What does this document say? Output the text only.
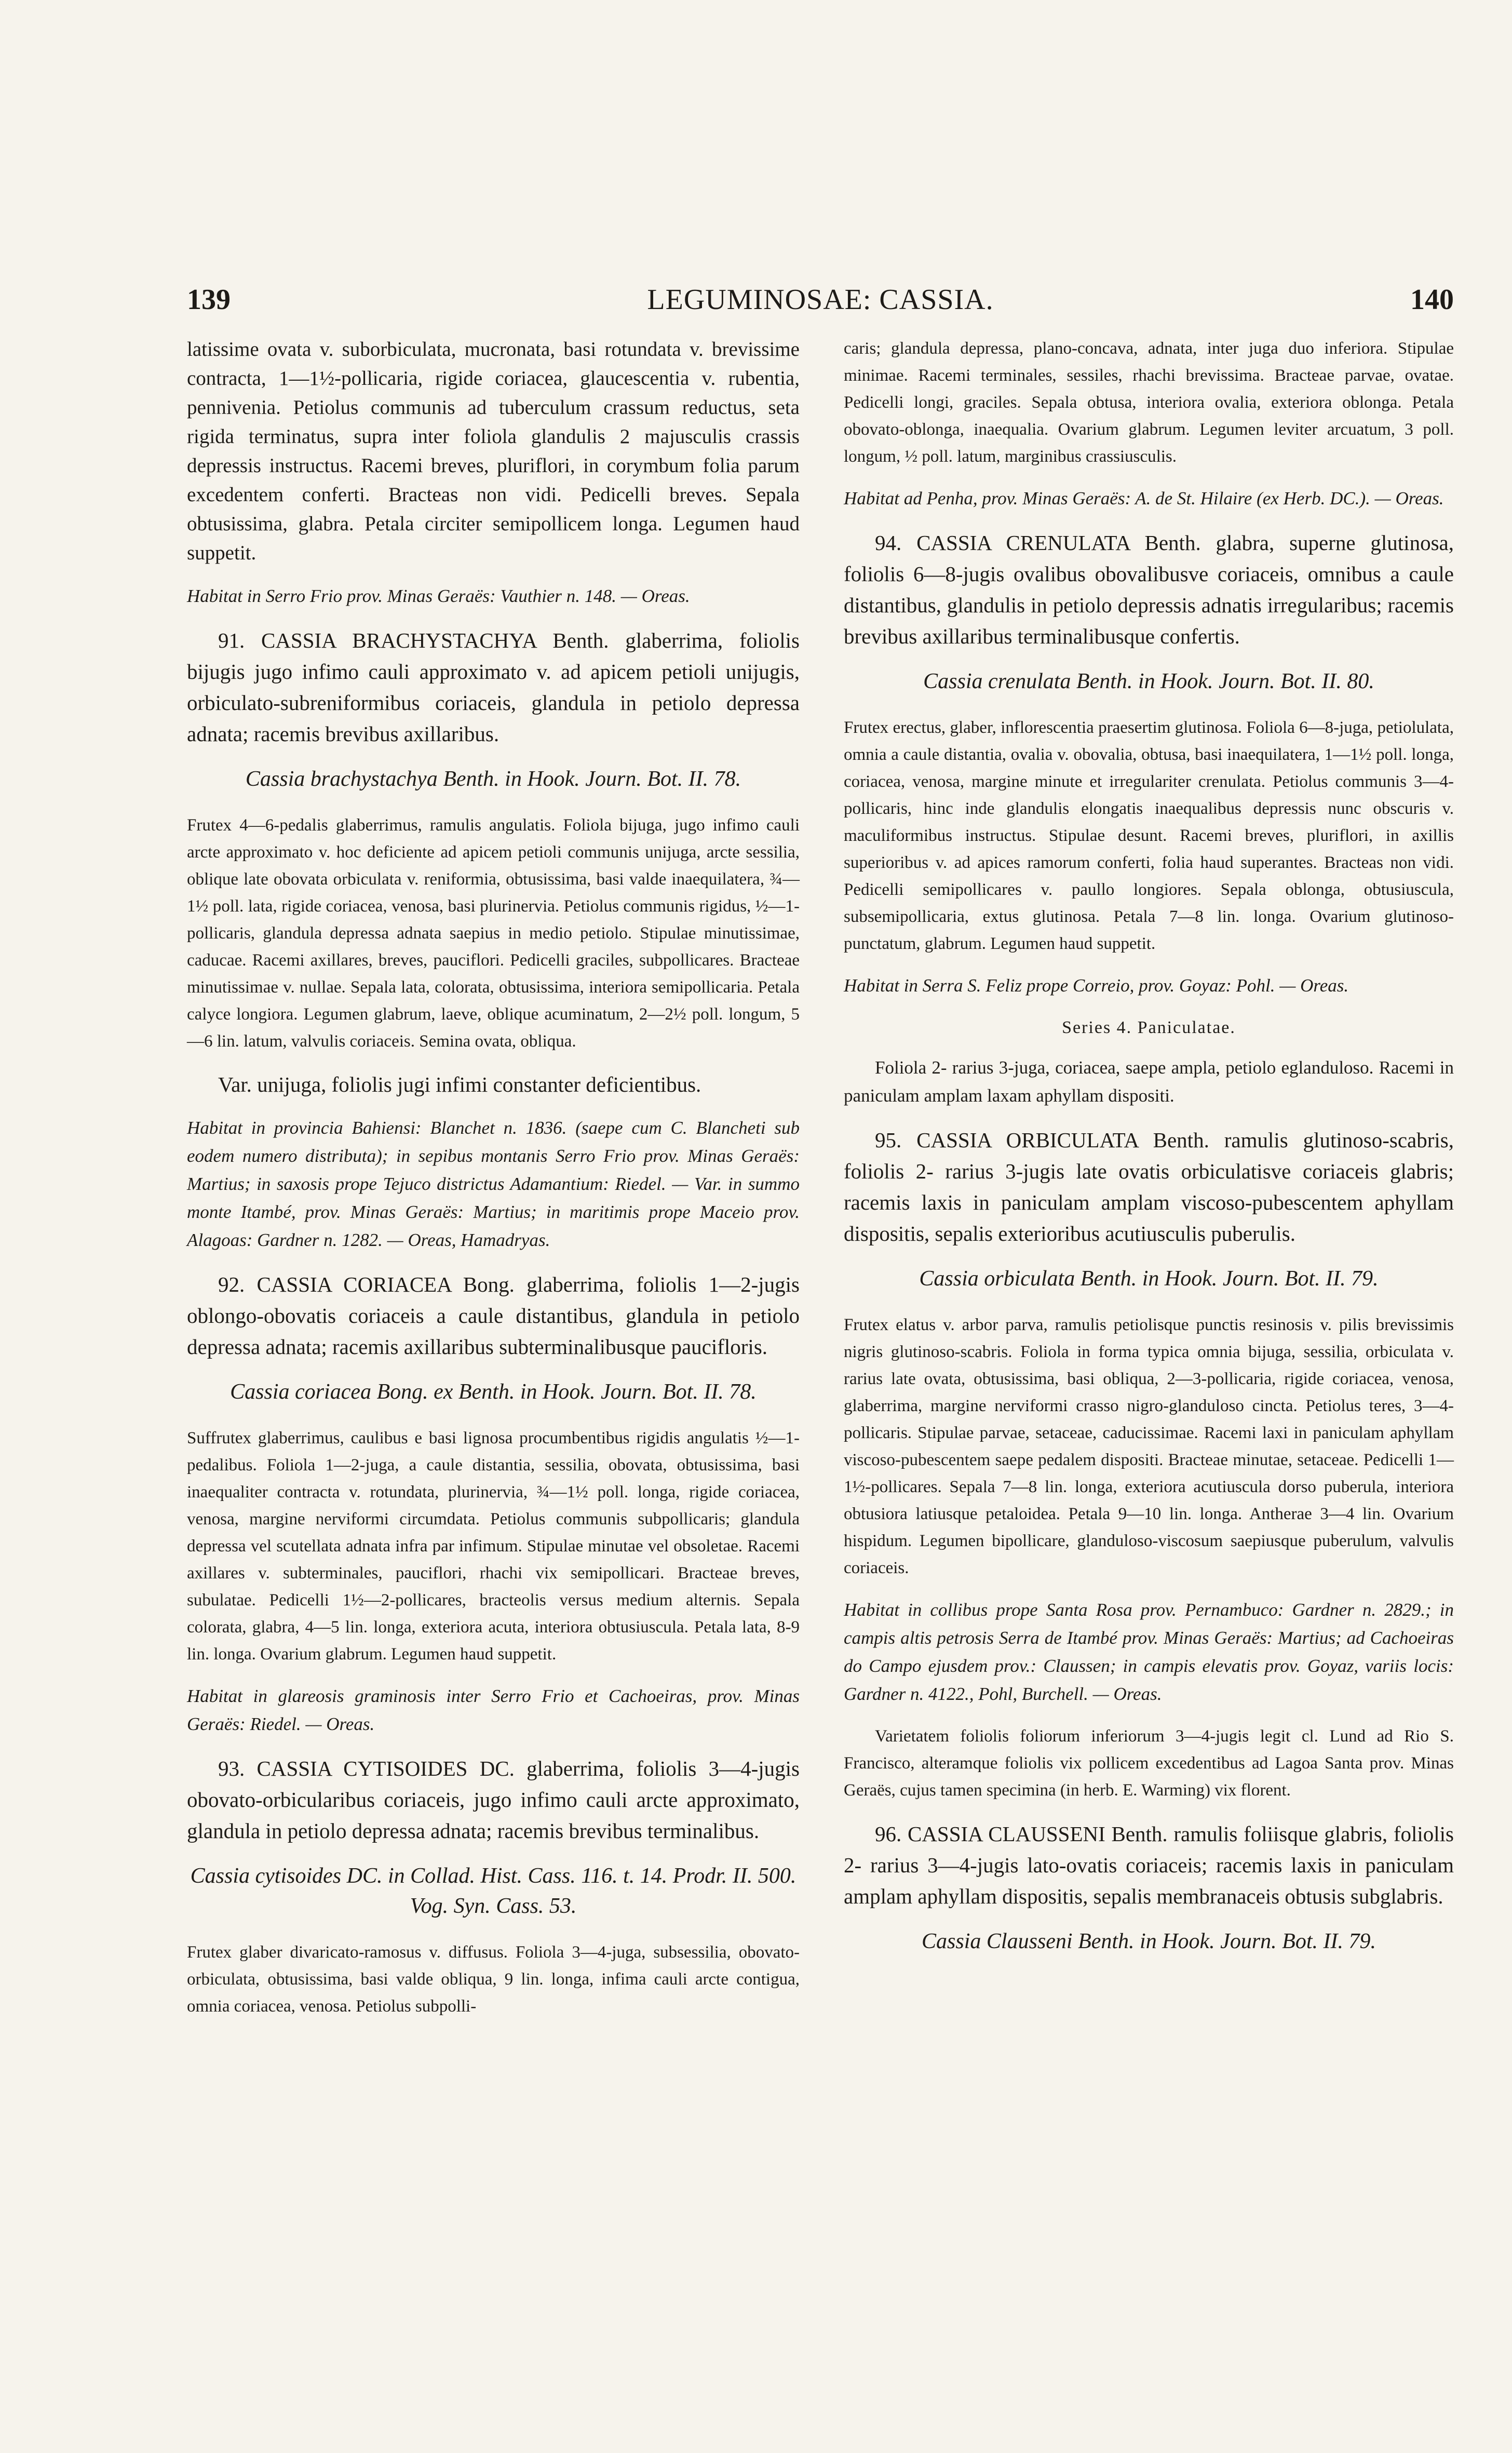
139	LEGUMINOSAE: CASSIA.	140

latissime ovata v. suborbiculata, mucronata, basi rotundata v. brevissime contracta, 1—1½-pollicaria, rigide coriacea, glaucescentia v. rubentia, pennivenia. Petiolus communis ad tuberculum crassum reductus, seta rigida terminatus, supra inter foliola glandulis 2 majusculis crassis depressis instructus. Racemi breves, pluriflori, in corymbum folia parum excedentem conferti. Bracteas non vidi. Pedicelli breves. Sepala obtusissima, glabra. Petala circiter semipollicem longa. Legumen haud suppetit.

Habitat in Serro Frio prov. Minas Geraës: Vauthier n. 148. — Oreas.

91. CASSIA BRACHYSTACHYA Benth. glaberrima, foliolis bijugis jugo infimo cauli approximato v. ad apicem petioli unijugis, orbiculato-subreniformibus coriaceis, glandula in petiolo depressa adnata; racemis brevibus axillaribus.

Cassia brachystachya Benth. in Hook. Journ. Bot. II. 78.

Frutex 4—6-pedalis glaberrimus, ramulis angulatis. Foliola bijuga, jugo infimo cauli arcte approximato v. hoc deficiente ad apicem petioli communis unijuga, arcte sessilia, oblique late obovata orbiculata v. reniformia, obtusissima, basi valde inaequilatera, ¾—1½ poll. lata, rigide coriacea, venosa, basi plurinervia. Petiolus communis rigidus, ½—1-pollicaris, glandula depressa adnata saepius in medio petiolo. Stipulae minutissimae, caducae. Racemi axillares, breves, pauciflori. Pedicelli graciles, subpollicares. Bracteae minutissimae v. nullae. Sepala lata, colorata, obtusissima, interiora semipollicaria. Petala calyce longiora. Legumen glabrum, laeve, oblique acuminatum, 2—2½ poll. longum, 5—6 lin. latum, valvulis coriaceis. Semina ovata, obliqua.

Var. unijuga, foliolis jugi infimi constanter deficientibus.

Habitat in provincia Bahiensi: Blanchet n. 1836. (saepe cum C. Blancheti sub eodem numero distributa); in sepibus montanis Serro Frio prov. Minas Geraës: Martius; in saxosis prope Tejuco districtus Adamantium: Riedel. — Var. in summo monte Itambé, prov. Minas Geraës: Martius; in maritimis prope Maceio prov. Alagoas: Gardner n. 1282. — Oreas, Hamadryas.

92. CASSIA CORIACEA Bong. glaberrima, foliolis 1—2-jugis oblongo-obovatis coriaceis a caule distantibus, glandula in petiolo depressa adnata; racemis axillaribus subterminalibusque paucifloris.

Cassia coriacea Bong. ex Benth. in Hook. Journ. Bot. II. 78.

Suffrutex glaberrimus, caulibus e basi lignosa procumbentibus rigidis angulatis ½—1-pedalibus. Foliola 1—2-juga, a caule distantia, sessilia, obovata, obtusissima, basi inaequaliter contracta v. rotundata, plurinervia, ¾—1½ poll. longa, rigide coriacea, venosa, margine nerviformi circumdata. Petiolus communis subpollicaris; glandula depressa vel scutellata adnata infra par infimum. Stipulae minutae vel obsoletae. Racemi axillares v. subterminales, pauciflori, rhachi vix semipollicari. Bracteae breves, subulatae. Pedicelli 1½—2-pollicares, bracteolis versus medium alternis. Sepala colorata, glabra, 4—5 lin. longa, exteriora acuta, interiora obtusiuscula. Petala lata, 8-9 lin. longa. Ovarium glabrum. Legumen haud suppetit.

Habitat in glareosis graminosis inter Serro Frio et Cachoeiras, prov. Minas Geraës: Riedel. — Oreas.

93. CASSIA CYTISOIDES DC. glaberrima, foliolis 3—4-jugis obovato-orbicularibus coriaceis, jugo infimo cauli arcte approximato, glandula in petiolo depressa adnata; racemis brevibus terminalibus.

Cassia cytisoides DC. in Collad. Hist. Cass. 116. t. 14. Prodr. II. 500. Vog. Syn. Cass. 53.

Frutex glaber divaricato-ramosus v. diffusus. Foliola 3—4-juga, subsessilia, obovato-orbiculata, obtusissima, basi valde obliqua, 9 lin. longa, infima cauli arcte contigua, omnia coriacea, venosa. Petiolus subpolli-

caris; glandula depressa, plano-concava, adnata, inter juga duo inferiora. Stipulae minimae. Racemi terminales, sessiles, rhachi brevissima. Bracteae parvae, ovatae. Pedicelli longi, graciles. Sepala obtusa, interiora ovalia, exteriora oblonga. Petala obovato-oblonga, inaequalia. Ovarium glabrum. Legumen leviter arcuatum, 3 poll. longum, ½ poll. latum, marginibus crassiusculis.

Habitat ad Penha, prov. Minas Geraës: A. de St. Hilaire (ex Herb. DC.). — Oreas.

94. CASSIA CRENULATA Benth. glabra, superne glutinosa, foliolis 6—8-jugis ovalibus obovalibusve coriaceis, omnibus a caule distantibus, glandulis in petiolo depressis adnatis irregularibus; racemis brevibus axillaribus terminalibusque confertis.

Cassia crenulata Benth. in Hook. Journ. Bot. II. 80.

Frutex erectus, glaber, inflorescentia praesertim glutinosa. Foliola 6—8-juga, petiolulata, omnia a caule distantia, ovalia v. obovalia, obtusa, basi inaequilatera, 1—1½ poll. longa, coriacea, venosa, margine minute et irregulariter crenulata. Petiolus communis 3—4-pollicaris, hinc inde glandulis elongatis inaequalibus depressis nunc obscuris v. maculiformibus instructus. Stipulae desunt. Racemi breves, pluriflori, in axillis superioribus v. ad apices ramorum conferti, folia haud superantes. Bracteas non vidi. Pedicelli semipollicares v. paullo longiores. Sepala oblonga, obtusiuscula, subsemipollicaria, extus glutinosa. Petala 7—8 lin. longa. Ovarium glutinoso-punctatum, glabrum. Legumen haud suppetit.

Habitat in Serra S. Feliz prope Correio, prov. Goyaz: Pohl. — Oreas.

Series 4. Paniculatae.

Foliola 2- rarius 3-juga, coriacea, saepe ampla, petiolo eglanduloso. Racemi in paniculam amplam laxam aphyllam dispositi.

95. CASSIA ORBICULATA Benth. ramulis glutinoso-scabris, foliolis 2- rarius 3-jugis late ovatis orbiculatisve coriaceis glabris; racemis laxis in paniculam amplam viscoso-pubescentem aphyllam dispositis, sepalis exterioribus acutiusculis puberulis.

Cassia orbiculata Benth. in Hook. Journ. Bot. II. 79.

Frutex elatus v. arbor parva, ramulis petiolisque punctis resinosis v. pilis brevissimis nigris glutinoso-scabris. Foliola in forma typica omnia bijuga, sessilia, orbiculata v. rarius late ovata, obtusissima, basi obliqua, 2—3-pollicaria, rigide coriacea, venosa, glaberrima, margine nerviformi crasso nigro-glanduloso cincta. Petiolus teres, 3—4-pollicaris. Stipulae parvae, setaceae, caducissimae. Racemi laxi in paniculam aphyllam viscoso-pubescentem saepe pedalem dispositi. Bracteae minutae, setaceae. Pedicelli 1—1½-pollicares. Sepala 7—8 lin. longa, exteriora acutiuscula dorso puberula, interiora obtusiora latiusque petaloidea. Petala 9—10 lin. longa. Antherae 3—4 lin. Ovarium hispidum. Legumen bipollicare, glanduloso-viscosum saepiusque puberulum, valvulis coriaceis.

Habitat in collibus prope Santa Rosa prov. Pernambuco: Gardner n. 2829.; in campis altis petrosis Serra de Itambé prov. Minas Geraës: Martius; ad Cachoeiras do Campo ejusdem prov.: Claussen; in campis elevatis prov. Goyaz, variis locis: Gardner n. 4122., Pohl, Burchell. — Oreas.

Varietatem foliolis foliorum inferiorum 3—4-jugis legit cl. Lund ad Rio S. Francisco, alteramque foliolis vix pollicem excedentibus ad Lagoa Santa prov. Minas Geraës, cujus tamen specimina (in herb. E. Warming) vix florent.

96. CASSIA CLAUSSENI Benth. ramulis foliisque glabris, foliolis 2- rarius 3—4-jugis lato-ovatis coriaceis; racemis laxis in paniculam amplam aphyllam dispositis, sepalis membranaceis obtusis subglabris.

Cassia Clausseni Benth. in Hook. Journ. Bot. II. 79.
